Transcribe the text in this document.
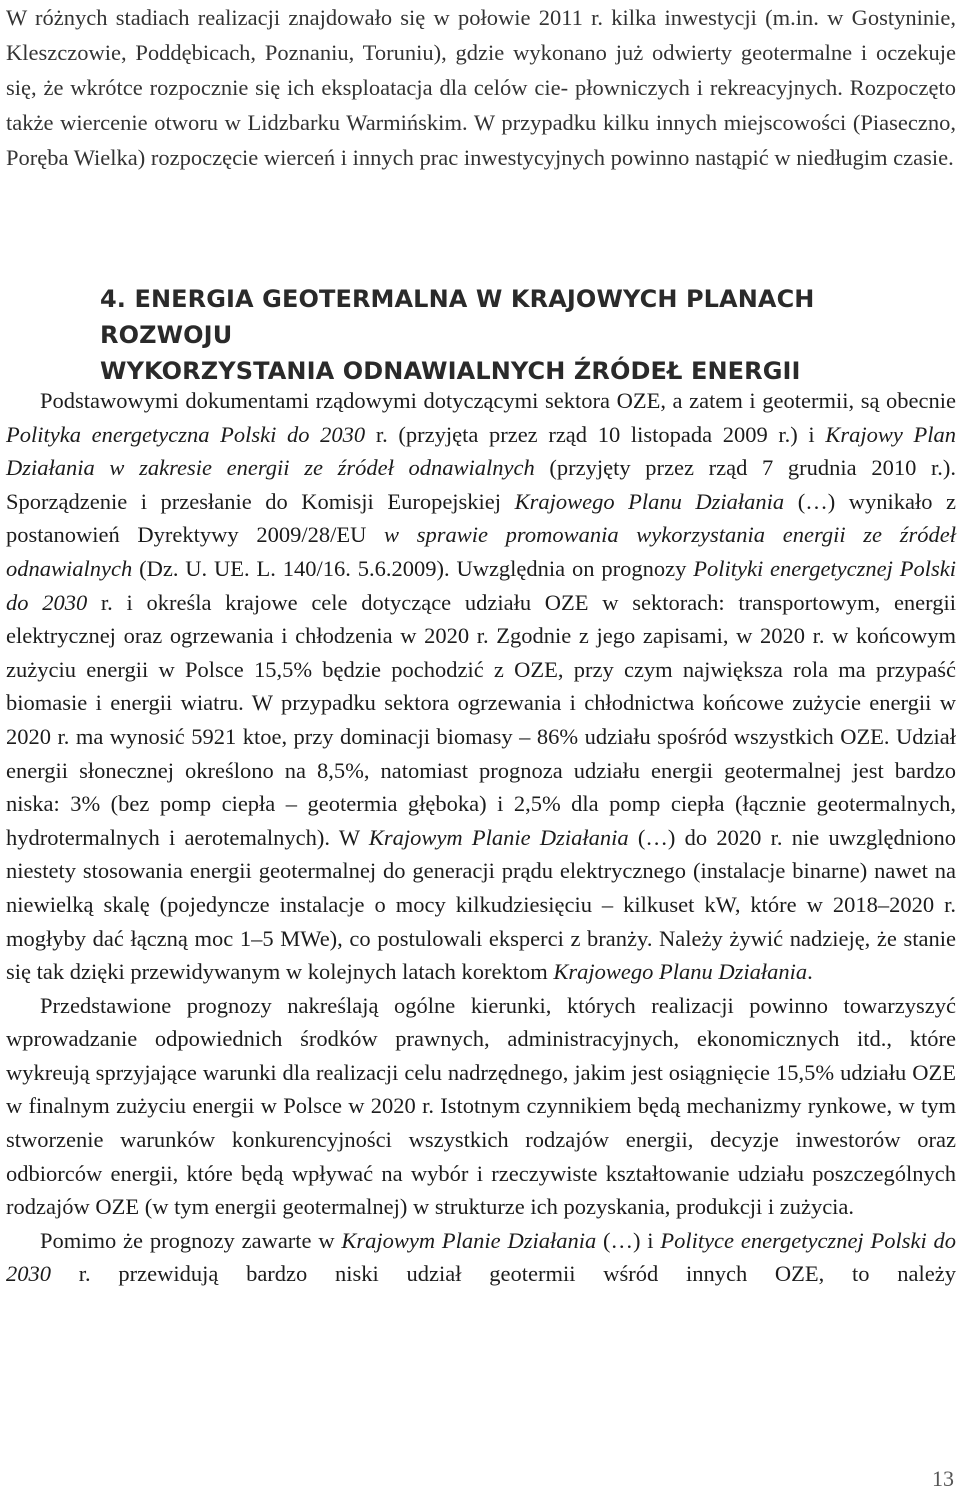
W różnych stadiach realizacji znajdowało się w połowie 2011 r. kilka inwestycji (m.in. w Gostyninie, Kleszczowie, Poddębicach, Poznaniu, Toruniu), gdzie wykonano już odwierty geotermalne i oczekuje się, że wkrótce rozpocznie się ich eksploatacja dla celów cie- płowniczych i rekreacyjnych. Rozpoczęto także wiercenie otworu w Lidzbarku Warmińskim. W przypadku kilku innych miejscowości (Piaseczno, Poręba Wielka) rozpoczęcie wierceń i innych prac inwestycyjnych powinno nastąpić w niedługim czasie.

4. ENERGIA GEOTERMALNA W KRAJOWYCH PLANACH ROZWOJU
WYKORZYSTANIA ODNAWIALNYCH ŹRÓDEŁ ENERGII

Podstawowymi dokumentami rządowymi dotyczącymi sektora OZE, a zatem i geotermii, są obecnie Polityka energetyczna Polski do 2030 r. (przyjęta przez rząd 10 listopada 2009 r.) i Krajowy Plan Działania w zakresie energii ze źródeł odnawialnych (przyjęty przez rząd 7 grudnia 2010 r.). Sporządzenie i przesłanie do Komisji Europejskiej Krajowego Planu Działania (…) wynikało z postanowień Dyrektywy 2009/28/EU w sprawie promowania wykorzystania energii ze źródeł odnawialnych (Dz. U. UE. L. 140/16. 5.6.2009). Uwzględnia on prognozy Polityki energetycznej Polski do 2030 r. i określa krajowe cele dotyczące udziału OZE w sektorach: transportowym, energii elektrycznej oraz ogrzewania i chłodzenia w 2020 r. Zgodnie z jego zapisami, w 2020 r. w końcowym zużyciu energii w Polsce 15,5% będzie pochodzić z OZE, przy czym największa rola ma przypaść biomasie i energii wiatru. W przypadku sektora ogrzewania i chłodnictwa końcowe zużycie energii w 2020 r. ma wynosić 5921 ktoe, przy dominacji biomasy – 86% udziału spośród wszystkich OZE. Udział energii słonecznej określono na 8,5%, natomiast prognoza udziału energii geotermalnej jest bardzo niska: 3% (bez pomp ciepła – geotermia głęboka) i 2,5% dla pomp ciepła (łącznie geotermalnych, hydrotermalnych i aerotemalnych). W Krajowym Planie Działania (…) do 2020 r. nie uwzględniono niestety stosowania energii geotermalnej do generacji prądu elektrycznego (instalacje binarne) nawet na niewielką skalę (pojedyncze instalacje o mocy kilkudziesięciu – kilkuset kW, które w 2018–2020 r. mogłyby dać łączną moc 1–5 MWe), co postulowali eksperci z branży. Należy żywić nadzieję, że stanie się tak dzięki przewidywanym w kolejnych latach korektom Krajowego Planu Działania.

Przedstawione prognozy nakreślają ogólne kierunki, których realizacji powinno towarzyszyć wprowadzanie odpowiednich środków prawnych, administracyjnych, ekonomicznych itd., które wykreują sprzyjające warunki dla realizacji celu nadrzędnego, jakim jest osiągnięcie 15,5% udziału OZE w finalnym zużyciu energii w Polsce w 2020 r. Istotnym czynnikiem będą mechanizmy rynkowe, w tym stworzenie warunków konkurencyjności wszystkich rodzajów energii, decyzje inwestorów oraz odbiorców energii, które będą wpływać na wybór i rzeczywiste kształtowanie udziału poszczególnych rodzajów OZE (w tym energii geotermalnej) w strukturze ich pozyskania, produkcji i zużycia.

Pomimo że prognozy zawarte w Krajowym Planie Działania (…) i Polityce energetycznej Polski do 2030 r. przewidują bardzo niski udział geotermii wśród innych OZE, to należy

13
